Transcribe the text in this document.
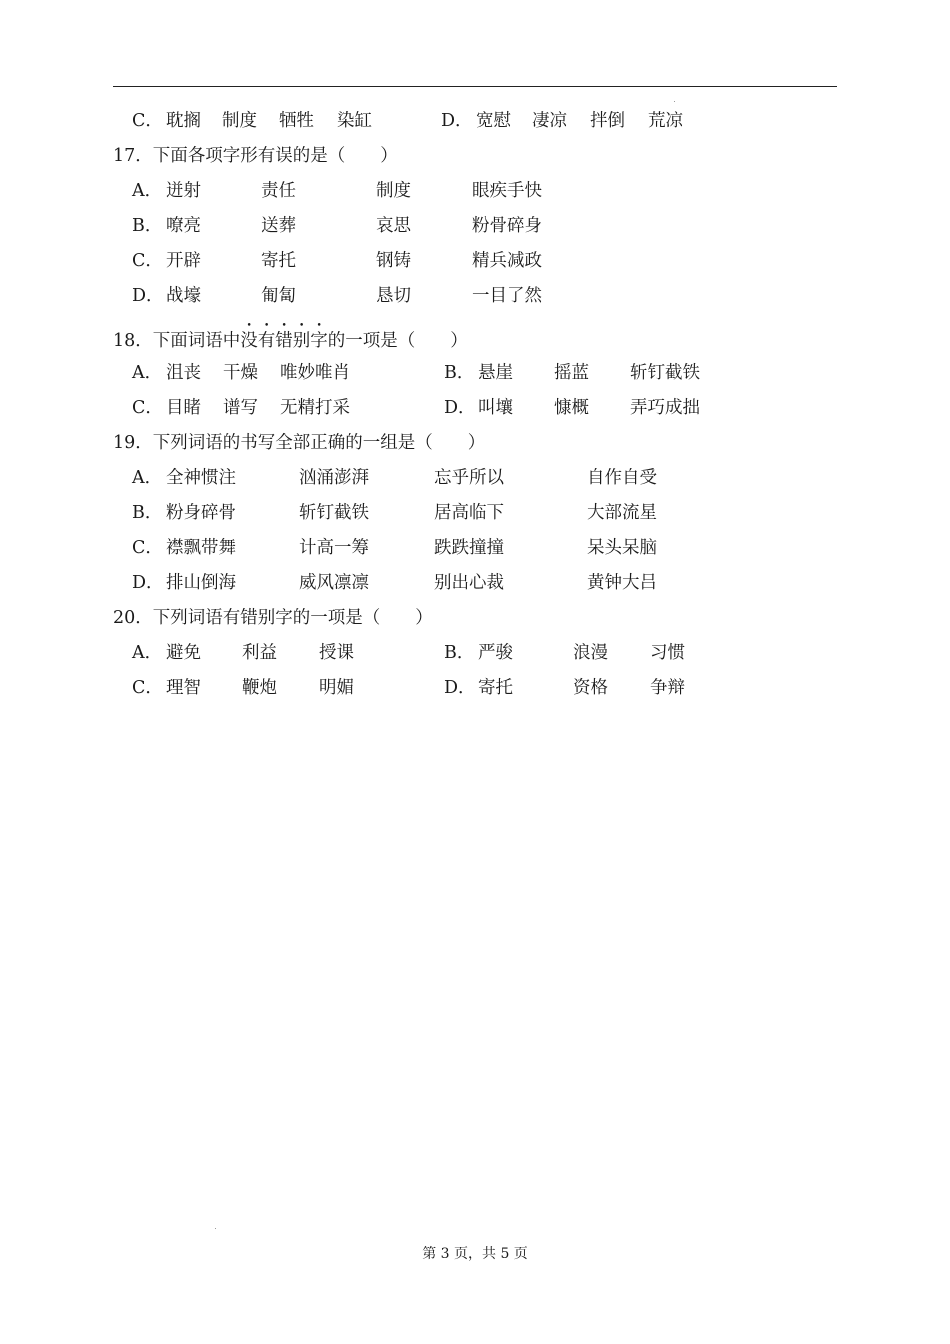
C． 耽搁 制度 牺牲 染缸	D． 宽慰 凄凉 拌倒 荒凉
17．下面各项字形有误的是（　　）
A． 迸射	责任	制度	眼疾手快
B． 嘹亮	送葬	哀思	粉骨碎身
C． 开辟	寄托	钢铸	精兵减政
D． 战壕	匍匐	恳切	一目了然
18．下面词语中没有错别字的一项是（　　）
A． 沮丧 干燥 唯妙唯肖	B． 悬崖 摇蓝 斩钉截铁
C． 目睹 谱写 无精打采	D． 叫壤 慷概 弄巧成拙
19．下列词语的书写全部正确的一组是（　　）
A． 全神惯注	汹涌澎湃	忘乎所以	自作自受
B． 粉身碎骨	斩钉截铁	居高临下	大部流星
C． 襟飘带舞	计高一筹	跌跌撞撞	呆头呆脑
D． 排山倒海	威风凛凛	别出心裁	黄钟大吕
20．下列词语有错别字的一项是（　　）
A． 避免 利益 授课	B． 严骏	浪漫 习惯
C． 理智 鞭炮 明媚	D． 寄托	资格 争辩
第 3 页，共 5 页
